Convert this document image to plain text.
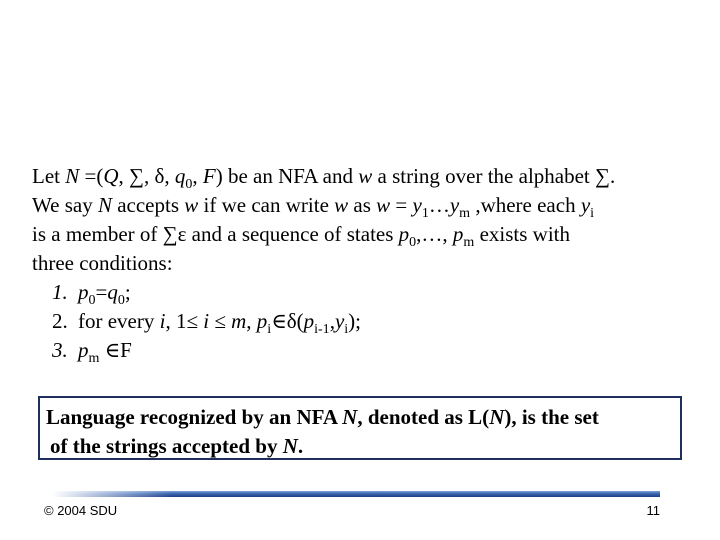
Let N =(Q, ∑, δ, $q_0$, F) be an NFA and w a string over the alphabet ∑.
We say N accepts w if we can write w as $w = y_1\dots y_m$ ,where each $y_i$
is a member of ∑ε and a sequence of states $p_0,\dots$, $p_m$ exists with
three conditions:
1. $p_0=q_0$;
2. for every i, 1≤ i ≤ m, $p_i\in\delta(p_{i-1},y_i)$;
3. $p_m$ ∈F
Language recognized by an NFA N, denoted as L(N), is the set
of the strings accepted by N.
© 2004 SDU	11
